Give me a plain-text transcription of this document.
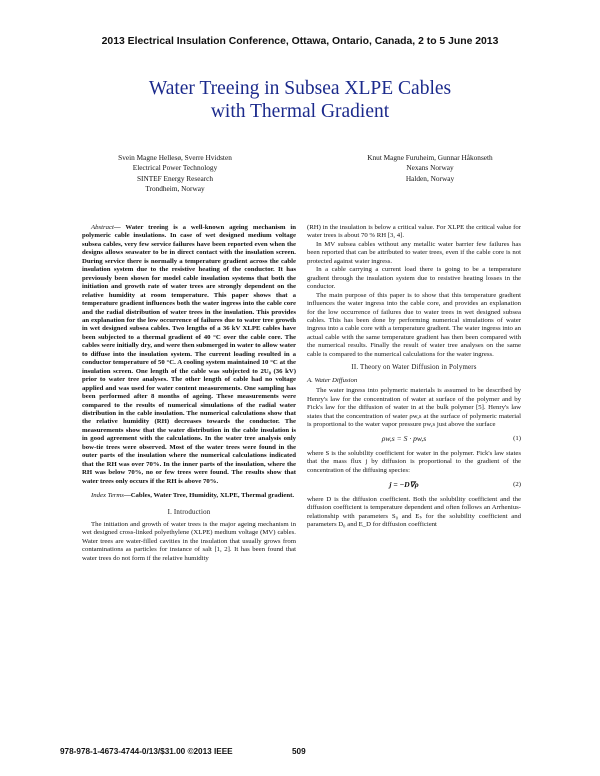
2013 Electrical Insulation Conference, Ottawa, Ontario, Canada, 2 to 5 June 2013
Water Treeing in Subsea XLPE Cables
with Thermal Gradient
Svein Magne Hellesø, Sverre Hvidsten
Electrical Power Technology
SINTEF Energy Research
Trondheim, Norway
Knut Magne Furuheim, Gunnar Håkonseth
Nexans Norway
Halden, Norway

Abstract— Water treeing is a well-known ageing mechanism in polymeric cable insulations. In case of wet designed medium voltage subsea cables, very few service failures have been reported even when the designs allows seawater to be in direct contact with the insulation screen. During service there is normally a temperature gradient across the cable insulation system due to the resistive heating of the conductor. It has previously been shown for model cable insulation systems that both the initiation and growth rate of water trees are strongly dependent on the relative humidity at room temperature. This paper shows that a temperature gradient influences both the water ingress into the cable core and the radial distribution of water trees in the insulation. This provides an explanation for the low occurrence of failures due to water tree growth in wet designed subsea cables. Two lengths of a 36 kV XLPE cables have been subjected to a thermal gradient of 40 °C over the cable core. The cables were initially dry, and were then submerged in water to allow water to diffuse into the insulation system. The current loading resulted in a conductor temperature of 50 °C. A cooling system maintained 10 °C at the insulation screen. One length of the cable was subjected to 2U₀ (36 kV) prior to water tree analyses. The other length of cable had no voltage applied and was used for water content measurements. One sampling has been performed after 8 months of ageing. These measurements were compared to the results of numerical simulations of the radial water distribution in the cable insulation. The numerical calculations show that the relative humidity (RH) decreases towards the conductor. The measurements show that the water distribution in the cable insulation is in good agreement with the calculations. In the water tree analysis only bow-tie trees were observed. Most of the water trees were found in the outer parts of the insulation where the numerical calculations indicated that the RH was over 70%. In the inner parts of the insulation, where the RH was below 70%, no or few trees were found. The results show that water trees only occurs if the RH is above 70%.

Index Terms—Cables, Water Tree, Humidity, XLPE, Thermal gradient.

I. Introduction

The initiation and growth of water trees is the major ageing mechanism in wet designed cross-linked polyethylene (XLPE) medium voltage (MV) cables. Water trees are water-filled cavities in the insulation that usually grows from contaminations as particles for instance of salt [1, 2]. It has been found that water trees do not form if the relative humidity

(RH) in the insulation is below a critical value. For XLPE the critical value for water trees is about 70 % RH [3, 4].

In MV subsea cables without any metallic water barrier few failures has been reported that can be attributed to water trees, even if the cable core is not protected against water ingress.

In a cable carrying a current load there is going to be a temperature gradient through the insulation system due to resistive heating losses in the conductor.

The main purpose of this paper is to show that this temperature gradient influences the water ingress into the cable core, and provides an explanation for the low occurrence of failures due to water trees in wet designed subsea cables. This has been done by performing numerical simulations of water ingress into a cable core with a temperature gradient. The water ingress into an actual cable with the same temperature gradient has then been compared with the numerical results. Finally the result of water tree analyses on the same cable is compared to the numerical calculations for the water ingress.

II. Theory on Water Diffusion in Polymers

A. Water Diffusion

The water ingress into polymeric materials is assumed to be described by Henry's law for the concentration of water at surface of the polymer and by Fick's law for the diffusion of water in at the bulk polymer [5]. Henry's law states that the concentration of water ρw,s at the surface of polymeric material is proportional to the water vapor pressure pw,s just above the surface

ρw,s = S · pw,s	(1)

where S is the solubility coefficient for water in the polymer. Fick's law states that the mass flux j by diffusion is proportional to the gradient of the concentration of the diffusing species:

j = −D∇ρ	(2)

where D is the diffusion coefficient. Both the solubility coefficient and the diffusion coefficient is temperature dependent and often follows an Arrhenius-relationship with parameters S₀ and Eₛ for the solubility coefficient and parameters D₀ and E_D for diffusion coefficient

978-978-1-4673-4744-0/13/$31.00 ©2013 IEEE	509
